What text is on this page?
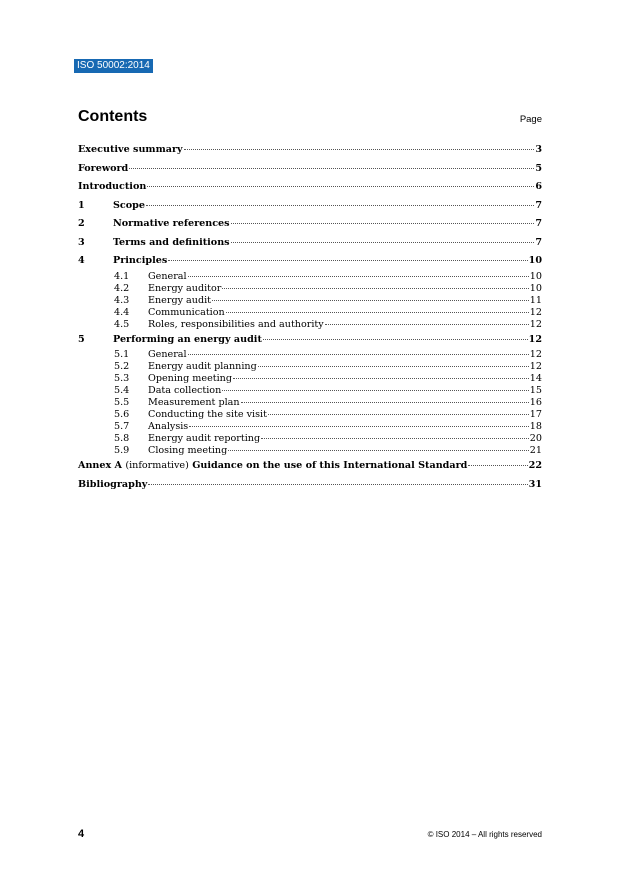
ISO 50002:2014
Contents	Page
Executive summary	3
Foreword	5
Introduction	6
1	Scope	7
2	Normative references	7
3	Terms and definitions	7
4	Principles	10
4.1	General	10
4.2	Energy auditor	10
4.3	Energy audit	11
4.4	Communication	12
4.5	Roles, responsibilities and authority	12
5	Performing an energy audit	12
5.1	General	12
5.2	Energy audit planning	12
5.3	Opening meeting	14
5.4	Data collection	15
5.5	Measurement plan	16
5.6	Conducting the site visit	17
5.7	Analysis	18
5.8	Energy audit reporting	20
5.9	Closing meeting	21
Annex A (informative) Guidance on the use of this International Standard	22
Bibliography	31
4	© ISO 2014 – All rights reserved
